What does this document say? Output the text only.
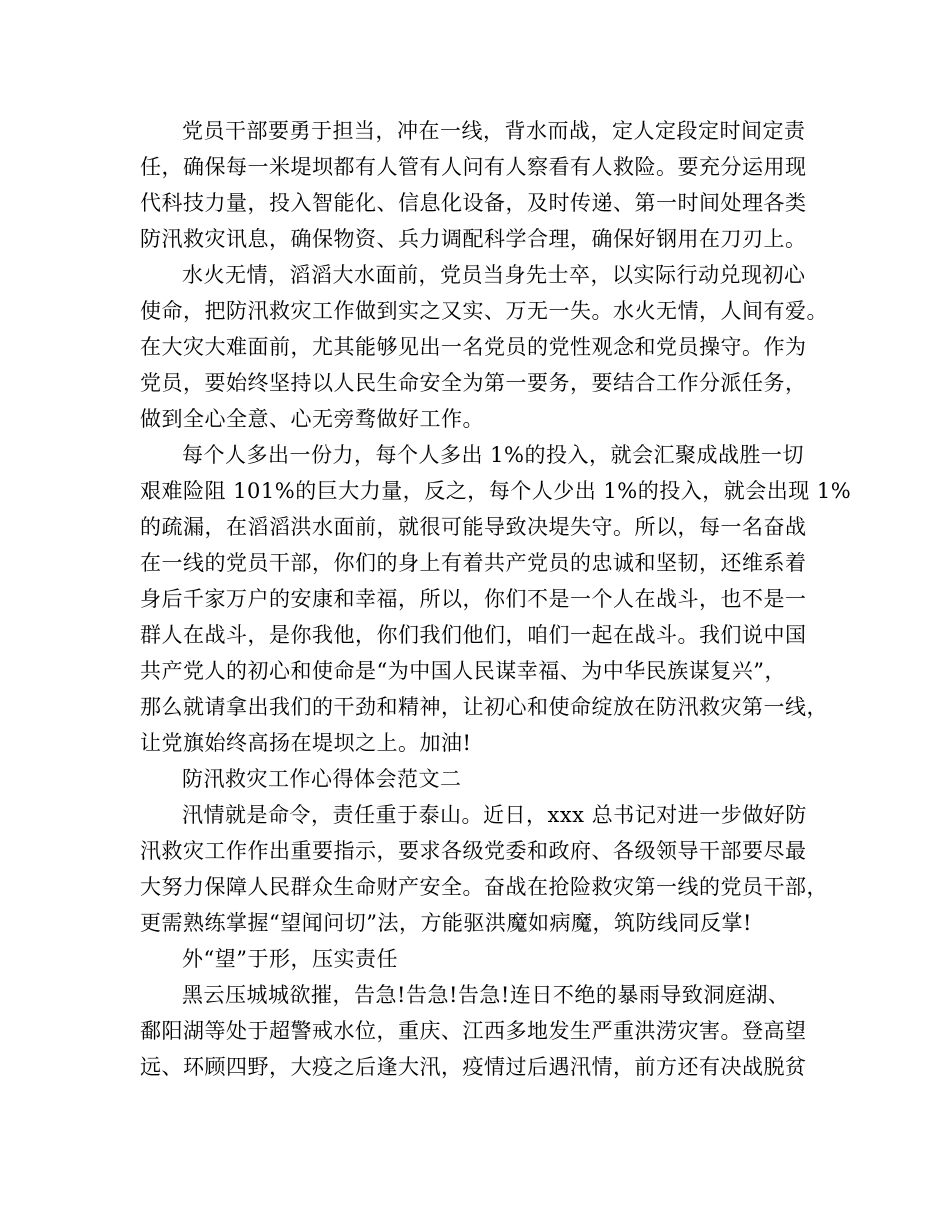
党员干部要勇于担当，冲在一线，背水而战，定人定段定时间定责
任，确保每一米堤坝都有人管有人问有人察看有人救险。要充分运用现
代科技力量，投入智能化、信息化设备，及时传递、第一时间处理各类
防汛救灾讯息，确保物资、兵力调配科学合理，确保好钢用在刀刃上。
水火无情，滔滔大水面前，党员当身先士卒，以实际行动兑现初心
使命，把防汛救灾工作做到实之又实、万无一失。水火无情，人间有爱。
在大灾大难面前，尤其能够见出一名党员的党性观念和党员操守。作为
党员，要始终坚持以人民生命安全为第一要务，要结合工作分派任务，
做到全心全意、心无旁骛做好工作。
每个人多出一份力，每个人多出 1%的投入，就会汇聚成战胜一切
艰难险阻 101%的巨大力量，反之，每个人少出 1%的投入，就会出现 1%
的疏漏，在滔滔洪水面前，就很可能导致决堤失守。所以，每一名奋战
在一线的党员干部，你们的身上有着共产党员的忠诚和坚韧，还维系着
身后千家万户的安康和幸福，所以，你们不是一个人在战斗，也不是一
群人在战斗，是你我他，你们我们他们，咱们一起在战斗。我们说中国
共产党人的初心和使命是“为中国人民谋幸福、为中华民族谋复兴”，
那么就请拿出我们的干劲和精神，让初心和使命绽放在防汛救灾第一线，
让党旗始终高扬在堤坝之上。加油!
防汛救灾工作心得体会范文二
汛情就是命令，责任重于泰山。近日，xxx 总书记对进一步做好防
汛救灾工作作出重要指示，要求各级党委和政府、各级领导干部要尽最
大努力保障人民群众生命财产安全。奋战在抢险救灾第一线的党员干部，
更需熟练掌握“望闻问切”法，方能驱洪魔如病魔，筑防线同反掌!
外“望”于形，压实责任
黑云压城城欲摧，告急!告急!告急!连日不绝的暴雨导致洞庭湖、
鄱阳湖等处于超警戒水位，重庆、江西多地发生严重洪涝灾害。登高望
远、环顾四野，大疫之后逢大汛，疫情过后遇汛情，前方还有决战脱贫
